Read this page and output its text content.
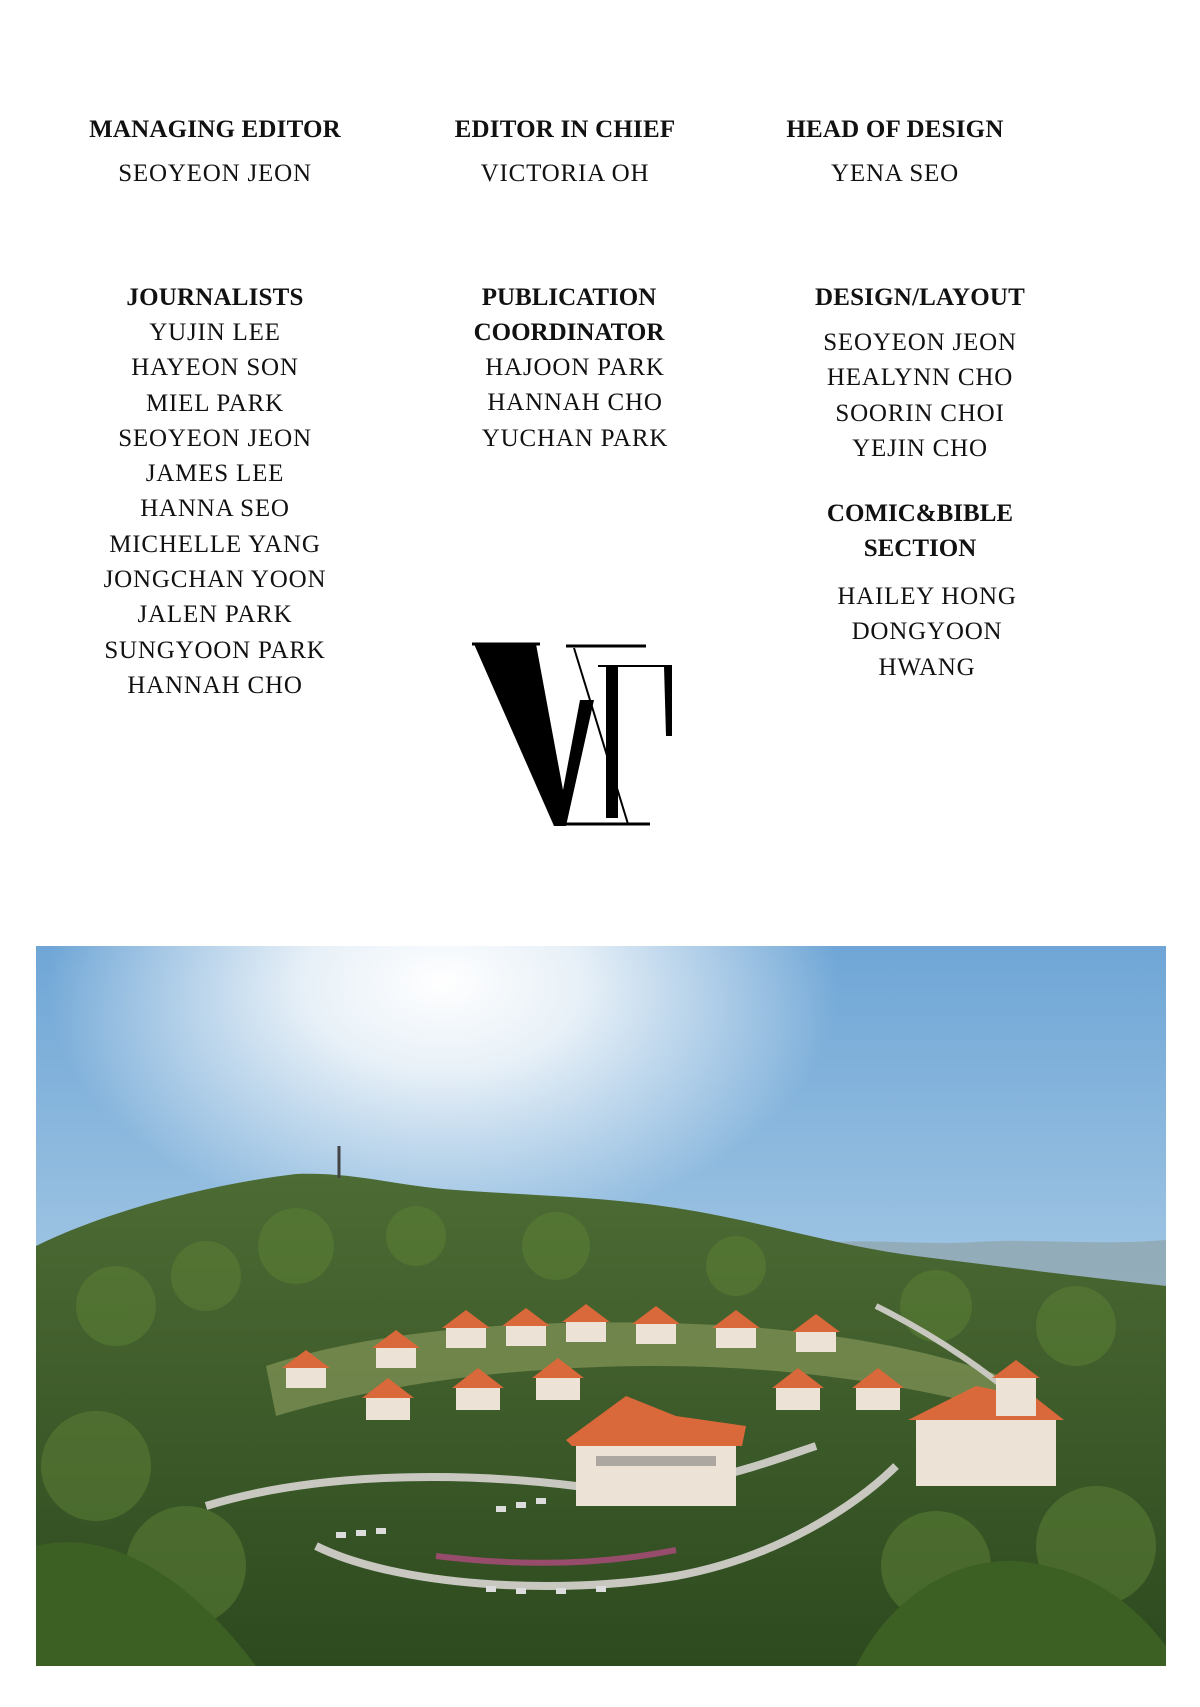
MANAGING EDITOR
SEOYEON JEON
EDITOR IN CHIEF
VICTORIA OH
HEAD OF DESIGN
YENA SEO
JOURNALISTS
YUJIN LEE
HAYEON SON
MIEL PARK
SEOYEON JEON
JAMES LEE
HANNA SEO
MICHELLE YANG
JONGCHAN YOON
JALEN PARK
SUNGYOON PARK
HANNAH CHO
PUBLICATION
COORDINATOR
HAJOON PARK
HANNAH CHO
YUCHAN PARK
DESIGN/LAYOUT
SEOYEON JEON
HEALYNN CHO
SOORIN CHOI
YEJIN CHO
COMIC&BIBLE
SECTION
HAILEY HONG
DONGYOON
HWANG
